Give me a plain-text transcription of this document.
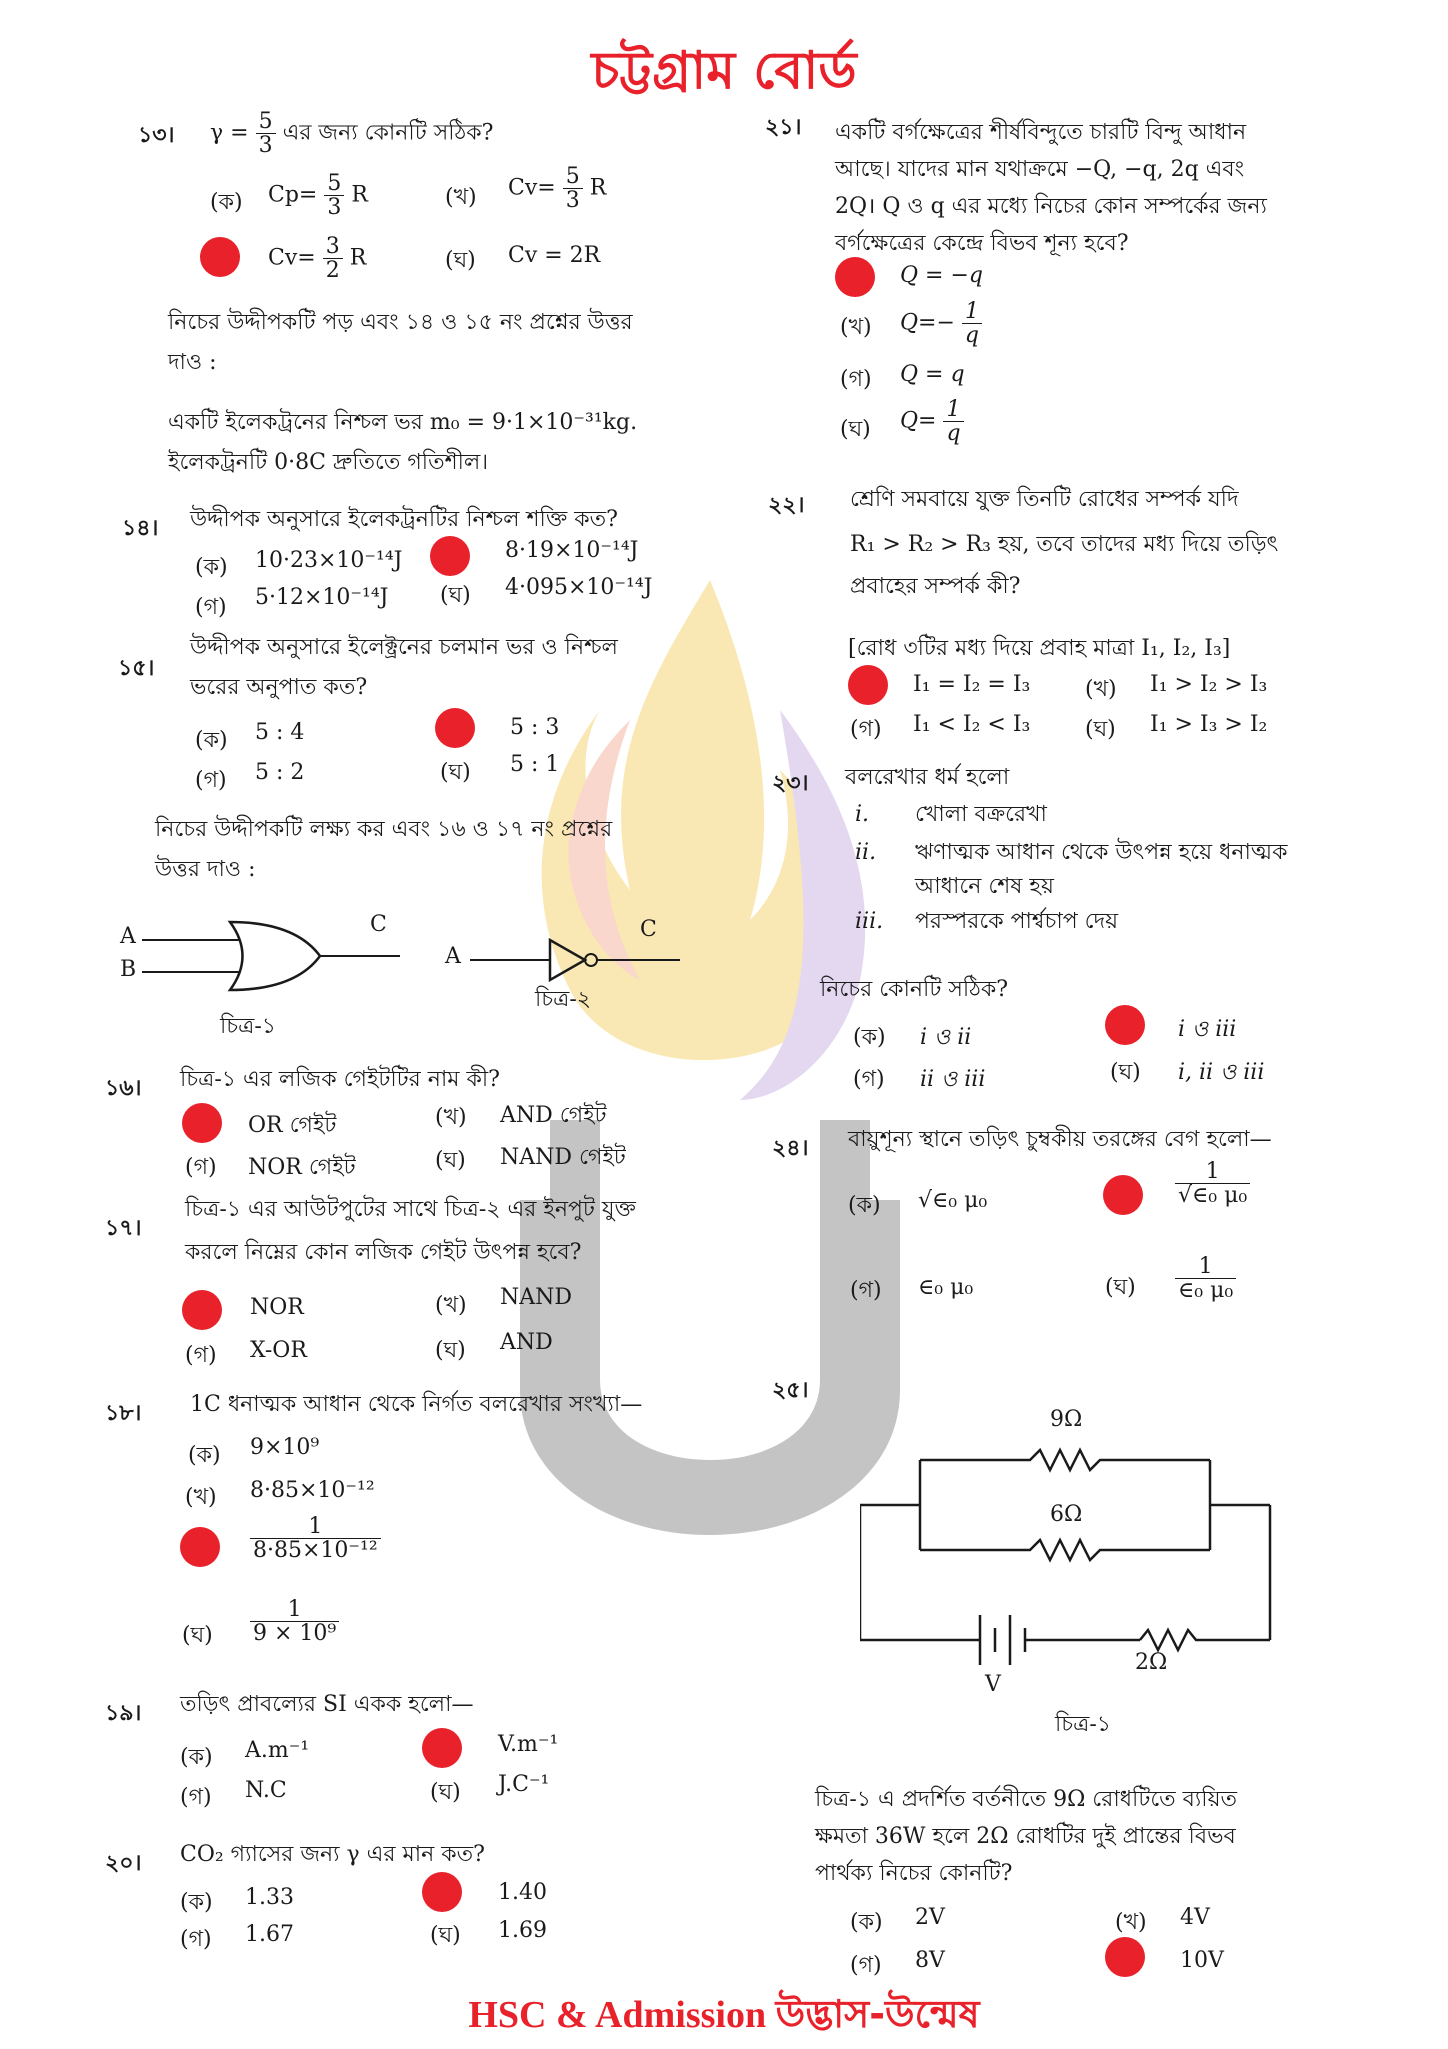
চট্টগ্রাম বোর্ড
১৩। $\gamma = \frac{5}{3}$ এর জন্য কোনটি সঠিক?
(ক) $Cp= \frac{5}{3}$ R	(খ) $Cv= \frac{5}{3}$ R
$Cv= \frac{3}{2}$ R	(ঘ) Cv = 2R
নিচের উদ্দীপকটি পড় এবং ১৪ ও ১৫ নং প্রশ্নের উত্তর
দাও :
একটি ইলেকট্রনের নিশ্চল ভর m₀ = 9·1×10⁻³¹kg.
ইলেকট্রনটি 0·8C দ্রুতিতে গতিশীল।
১৪। উদ্দীপক অনুসারে ইলেকট্রনটির নিশ্চল শক্তি কত?
(ক) 10·23×10⁻¹⁴J	8·19×10⁻¹⁴J
(গ) 5·12×10⁻¹⁴J (ঘ) 4·095×10⁻¹⁴J
১৫।
উদ্দীপক অনুসারে ইলেক্ট্রনের চলমান ভর ও নিশ্চল
ভরের অনুপাত কত?
(ক) 5 : 4	5 : 3
(গ) 5 : 2	(ঘ) 5 : 1
নিচের উদ্দীপকটি লক্ষ্য কর এবং ১৬ ও ১৭ নং প্রশ্নের
উত্তর দাও :
A
B
C
A
C
চিত্র-১
চিত্র-২
১৬। চিত্র-১ এর লজিক গেইটটির নাম কী?
OR গেইট	(খ) AND গেইট
(গ) NOR গেইট	(ঘ) NAND গেইট
১৭।
চিত্র-১ এর আউটপুটের সাথে চিত্র-২ এর ইনপুট যুক্ত
করলে নিম্নের কোন লজিক গেইট উৎপন্ন হবে?
NOR	(খ) NAND
(গ) X-OR	(ঘ) AND
১৮। 1C ধনাত্মক আধান থেকে নির্গত বলরেখার সংখ্যা—
(ক) 9×10⁹
(খ) 8·85×10⁻¹²
$\frac{1}{\text{8·85×10⁻¹²}}$
(ঘ) $\frac{1}{\text{9 × 10⁹}}$
১৯। তড়িৎ প্রাবল্যের SI একক হলো—
(ক) A.m⁻¹	V.m⁻¹
(গ) N.C	(ঘ) J.C⁻¹
২০। CO₂ গ্যাসের জন্য γ এর মান কত?
(ক) 1.33	1.40
(গ) 1.67	(ঘ) 1.69
২১। একটি বর্গক্ষেত্রের শীর্ষবিন্দুতে চারটি বিন্দু আধান
আছে। যাদের মান যথাক্রমে −Q, −q, 2q এবং
2Q। Q ও q এর মধ্যে নিচের কোন সম্পর্কের জন্য
বর্গক্ষেত্রের কেন্দ্রে বিভব শূন্য হবে?
Q = −q
(খ) $Q=- \frac{1}{q}$
(গ) Q = q
(ঘ) $Q= \frac{1}{q}$
২২। শ্রেণি সমবায়ে যুক্ত তিনটি রোধের সম্পর্ক যদি
R₁ > R₂ > R₃ হয়, তবে তাদের মধ্য দিয়ে তড়িৎ
প্রবাহের সম্পর্ক কী?
[রোধ ৩টির মধ্য দিয়ে প্রবাহ মাত্রা I₁, I₂, I₃]
I₁ = I₂ = I₃ (খ) I₁ > I₂ > I₃
(গ) I₁ < I₂ < I₃ (ঘ) I₁ > I₃ > I₂
২৩। বলরেখার ধর্ম হলো
i. খোলা বক্ররেখা
ii. ঋণাত্মক আধান থেকে উৎপন্ন হয়ে ধনাত্মক
আধানে শেষ হয়
iii. পরস্পরকে পার্শ্বচাপ দেয়
নিচের কোনটি সঠিক?
(ক) i ও ii	i ও iii
(গ) ii ও iii	(ঘ) i, ii ও iii
২৪। বায়ুশূন্য স্থানে তড়িৎ চুম্বকীয় তরঙ্গের বেগ হলো—
(ক) √∈₀ μ₀	$\frac{1}{\text{√∈₀ μ₀}}$
(গ) ∈₀ μ₀	(ঘ) $\frac{1}{\text{∈₀ μ₀}}$
২৫।
9Ω
6Ω
2Ω
V
চিত্র-১
চিত্র-১ এ প্রদর্শিত বর্তনীতে 9Ω রোধটিতে ব্যয়িত
ক্ষমতা 36W হলে 2Ω রোধটির দুই প্রান্তের বিভব
পার্থক্য নিচের কোনটি?
(ক) 2V	(খ) 4V
(গ) 8V	10V
HSC & Admission উদ্ভাস-উন্মেষ
